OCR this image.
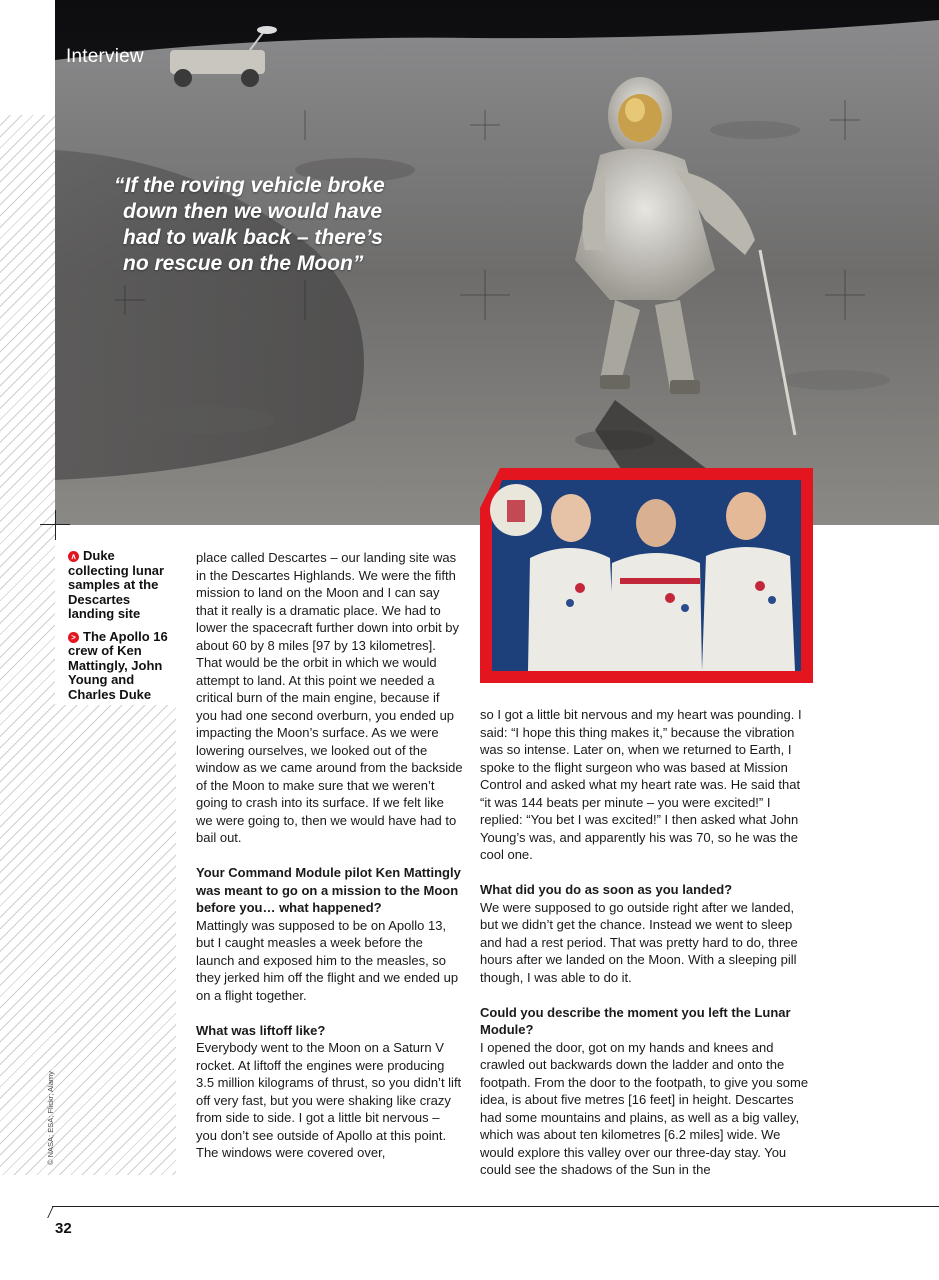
Interview
“If the roving vehicle broke
down then we would have
had to walk back – there’s
no rescue on the Moon”

∧ Duke collecting lunar samples at the Descartes landing site

> The Apollo 16 crew of Ken Mattingly, John Young and Charles Duke

place called Descartes – our landing site was in the Descartes Highlands. We were the fifth mission to land on the Moon and I can say that it really is a dramatic place. We had to lower the spacecraft further down into orbit by about 60 by 8 miles [97 by 13 kilometres]. That would be the orbit in which we would attempt to land. At this point we needed a critical burn of the main engine, because if you had one second overburn, you ended up impacting the Moon’s surface. As we were lowering ourselves, we looked out of the window as we came around from the backside of the Moon to make sure that we weren’t going to crash into its surface. If we felt like we were going to, then we would have had to bail out.

Your Command Module pilot Ken Mattingly was meant to go on a mission to the Moon before you… what happened?
Mattingly was supposed to be on Apollo 13, but I caught measles a week before the launch and exposed him to the measles, so they jerked him off the flight and we ended up on a flight together.

What was liftoff like?
Everybody went to the Moon on a Saturn V rocket. At liftoff the engines were producing 3.5 million kilograms of thrust, so you didn’t lift off very fast, but you were shaking like crazy from side to side. I got a little bit nervous – you don’t see outside of Apollo at this point. The windows were covered over,

so I got a little bit nervous and my heart was pounding. I said: “I hope this thing makes it,” because the vibration was so intense. Later on, when we returned to Earth, I spoke to the flight surgeon who was based at Mission Control and asked what my heart rate was. He said that “it was 144 beats per minute – you were excited!” I replied: “You bet I was excited!” I then asked what John Young’s was, and apparently his was 70, so he was the cool one.

What did you do as soon as you landed?
We were supposed to go outside right after we landed, but we didn’t get the chance. Instead we went to sleep and had a rest period. That was pretty hard to do, three hours after we landed on the Moon. With a sleeping pill though, I was able to do it.

Could you describe the moment you left the Lunar Module?
I opened the door, got on my hands and knees and crawled out backwards down the ladder and onto the footpath. From the door to the footpath, to give you some idea, is about five metres [16 feet] in height. Descartes had some mountains and plains, as well as a big valley, which was about ten kilometres [6.2 miles] wide. We would explore this valley over our three-day stay. You could see the shadows of the Sun in the

© NASA; ESA; Flickr; Alamy
32
